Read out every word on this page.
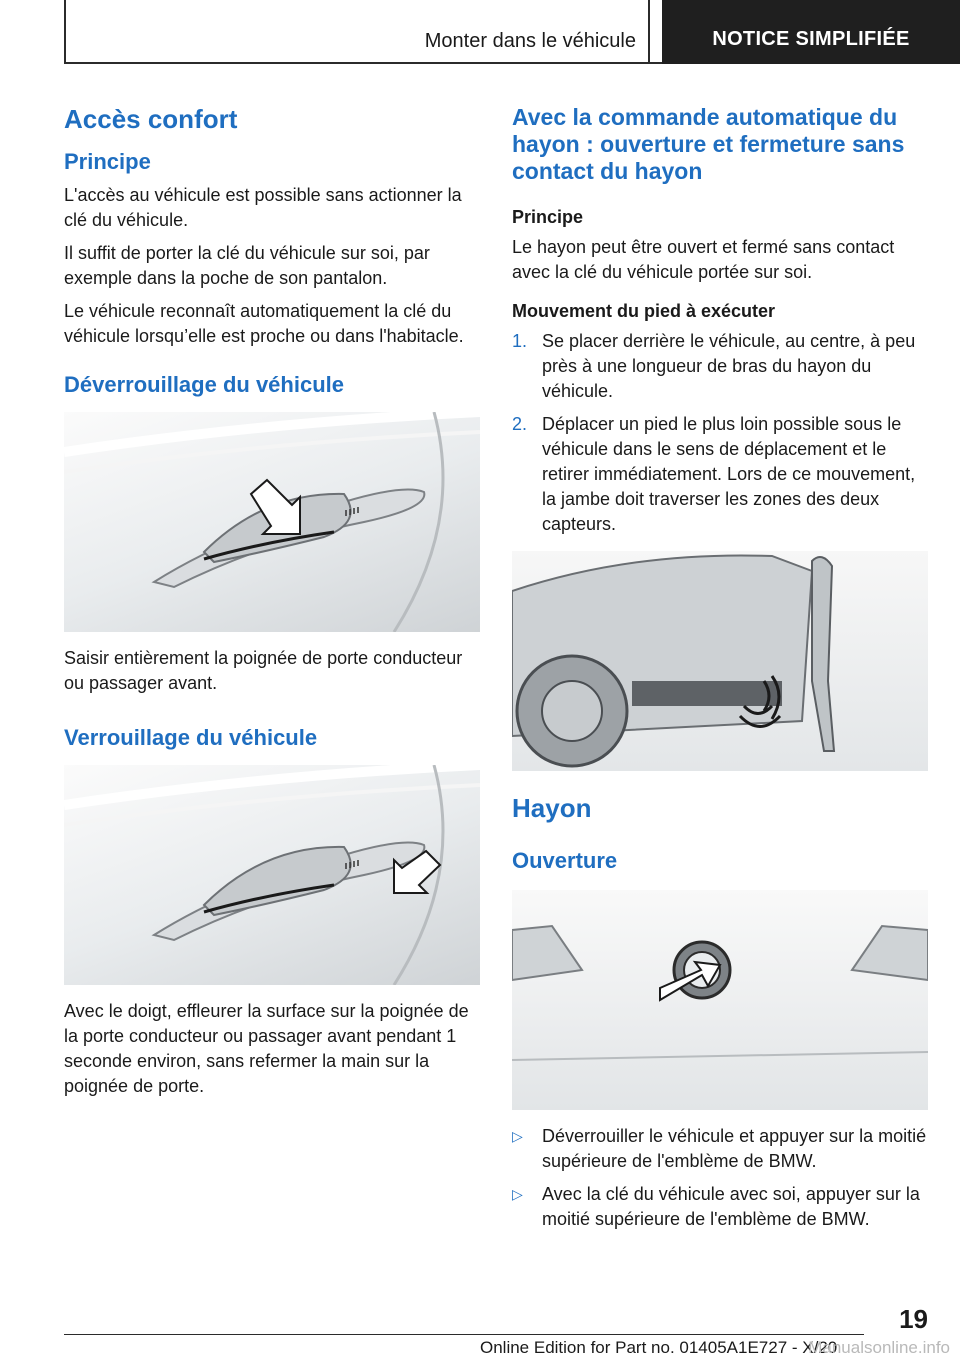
Monter dans le véhicule	NOTICE SIMPLIFIÉE
Accès confort
Principe

L'accès au véhicule est possible sans actionner la clé du véhicule.

Il suffit de porter la clé du véhicule sur soi, par exemple dans la poche de son pantalon.

Le véhicule reconnaît automatiquement la clé du véhicule lorsqu’elle est proche ou dans l'habitacle.

Déverrouillage du véhicule

Saisir entièrement la poignée de porte conducteur ou passager avant.

Verrouillage du véhicule

Avec le doigt, effleurer la surface sur la poignée de la porte conducteur ou passager avant pendant 1 seconde environ, sans refermer la main sur la poignée de porte.

Avec la commande automatique du hayon : ouverture et fermeture sans contact du hayon
Principe

Le hayon peut être ouvert et fermé sans contact avec la clé du véhicule portée sur soi.

Mouvement du pied à exécuter
1. Se placer derrière le véhicule, au centre, à peu près à une longueur de bras du hayon du véhicule.
2. Déplacer un pied le plus loin possible sous le véhicule dans le sens de déplacement et le retirer immédiatement. Lors de ce mouvement, la jambe doit traverser les zones des deux capteurs.
Hayon
Ouverture
▷ Déverrouiller le véhicule et appuyer sur la moitié supérieure de l'emblème de BMW.
▷ Avec la clé du véhicule avec soi, appuyer sur la moitié supérieure de l'emblème de BMW.
19
Online Edition for Part no. 01405A1E727 - X/20
Manualsonline.info
